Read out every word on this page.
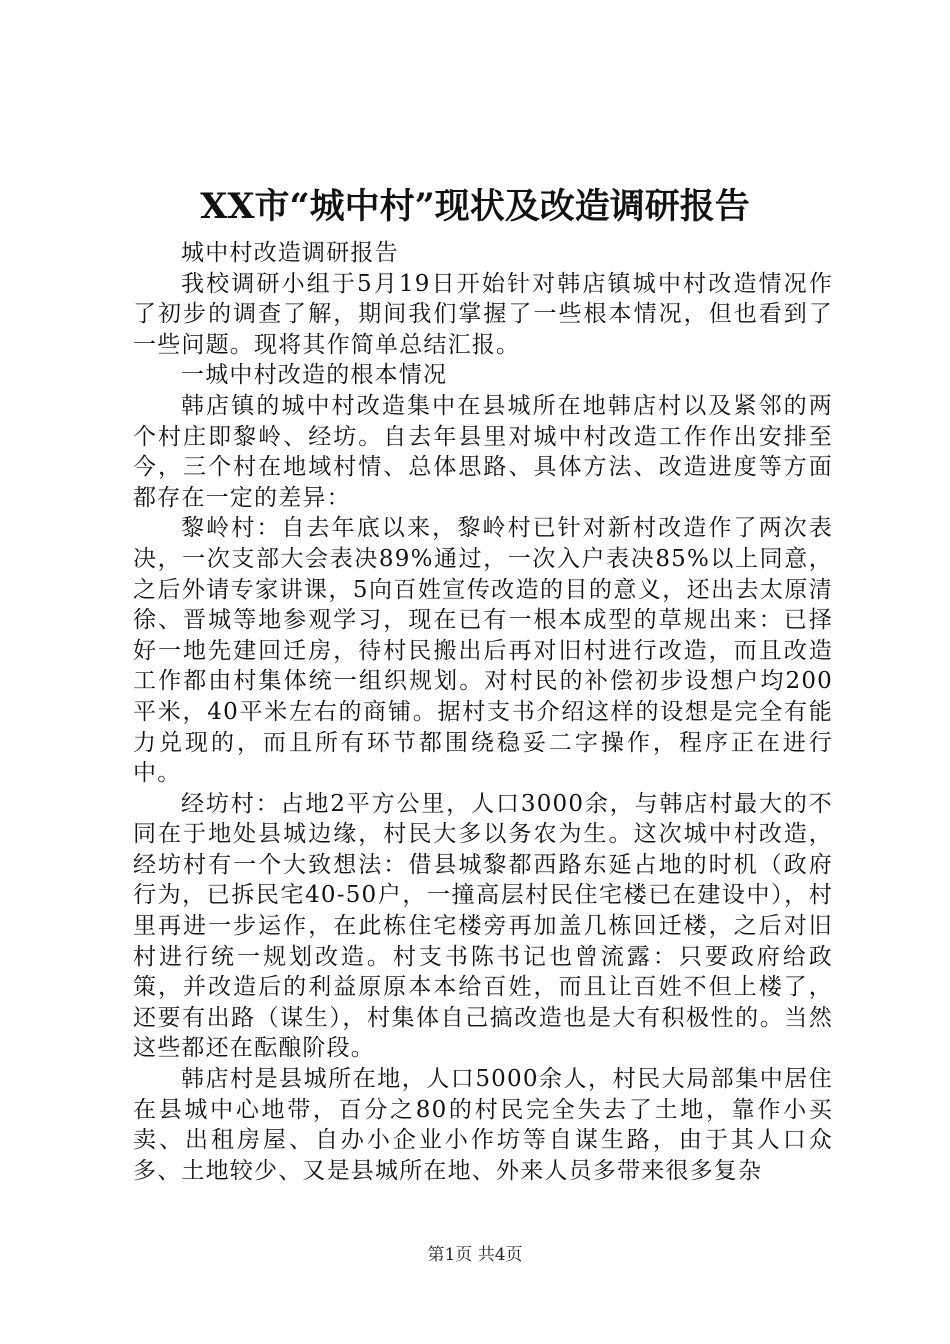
XX市“城中村”现状及改造调研报告

城中村改造调研报告

我校调研小组于5月19日开始针对韩店镇城中村改造情况作了初步的调查了解，期间我们掌握了一些根本情况，但也看到了一些问题。现将其作简单总结汇报。

一城中村改造的根本情况

韩店镇的城中村改造集中在县城所在地韩店村以及紧邻的两个村庄即黎岭、经坊。自去年县里对城中村改造工作作出安排至今，三个村在地域村情、总体思路、具体方法、改造进度等方面都存在一定的差异：

黎岭村：自去年底以来，黎岭村已针对新村改造作了两次表决，一次支部大会表决89%通过，一次入户表决85%以上同意，之后外请专家讲课，5向百姓宣传改造的目的意义，还出去太原清徐、晋城等地参观学习，现在已有一根本成型的草规出来：已择好一地先建回迁房，待村民搬出后再对旧村进行改造，而且改造工作都由村集体统一组织规划。对村民的补偿初步设想户均200平米，40平米左右的商铺。据村支书介绍这样的设想是完全有能力兑现的，而且所有环节都围绕稳妥二字操作，程序正在进行中。

经坊村：占地2平方公里，人口3000余，与韩店村最大的不同在于地处县城边缘，村民大多以务农为生。这次城中村改造，经坊村有一个大致想法：借县城黎都西路东延占地的时机（政府行为，已拆民宅40-50户，一撞高层村民住宅楼已在建设中），村里再进一步运作，在此栋住宅楼旁再加盖几栋回迁楼，之后对旧村进行统一规划改造。村支书陈书记也曾流露：只要政府给政策，并改造后的利益原原本本给百姓，而且让百姓不但上楼了，还要有出路（谋生），村集体自己搞改造也是大有积极性的。当然这些都还在酝酿阶段。

韩店村是县城所在地，人口5000余人，村民大局部集中居住在县城中心地带，百分之80的村民完全失去了土地，靠作小买卖、出租房屋、自办小企业小作坊等自谋生路，由于其人口众多、土地较少、又是县城所在地、外来人员多带来很多复杂

第1页 共4页
